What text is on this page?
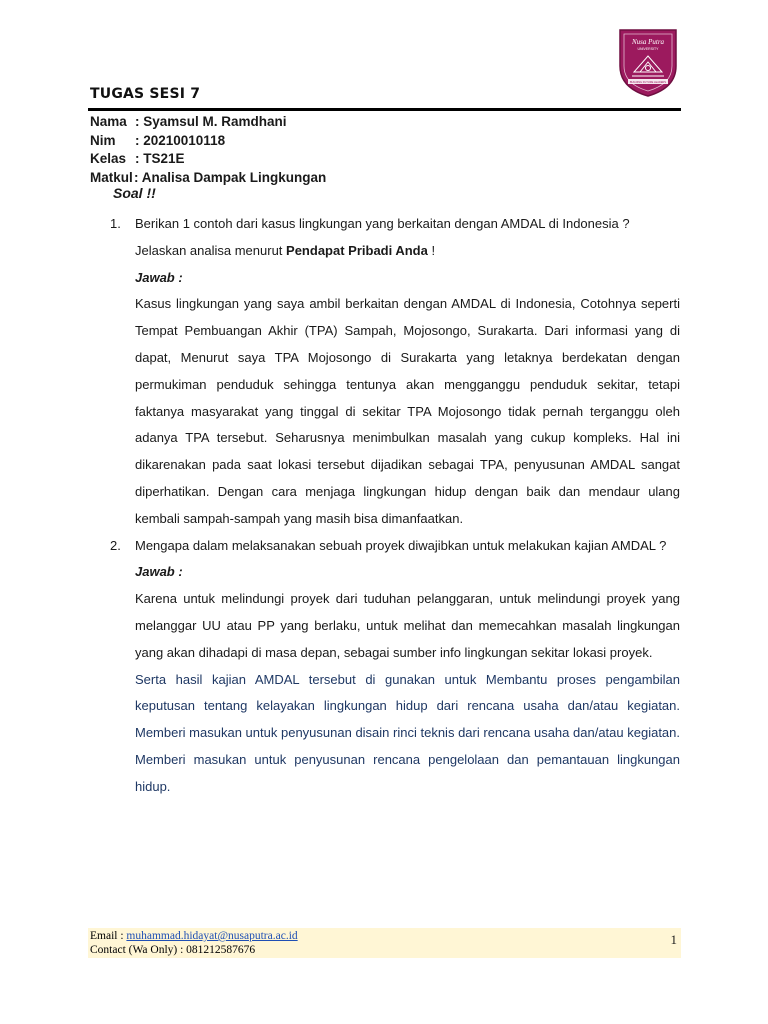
Nusa Putra
UNIVERSITY
BUILDING FUTURE LEADERS
TUGAS SESI 7
Nama : Syamsul M. Ramdhani
Nim	: 20210010118
Kelas : TS21E
Matkul : Analisa Dampak Lingkungan
Soal !!
1. Berikan 1 contoh dari kasus lingkungan yang berkaitan dengan AMDAL di Indonesia ? Jelaskan analisa menurut Pendapat Pribadi Anda !
Jawab :
Kasus lingkungan yang saya ambil berkaitan dengan AMDAL di Indonesia, Cotohnya seperti Tempat Pembuangan Akhir (TPA) Sampah, Mojosongo, Surakarta. Dari informasi yang di dapat, Menurut saya TPA Mojosongo di Surakarta yang letaknya berdekatan dengan permukiman penduduk sehingga tentunya akan mengganggu penduduk sekitar, tetapi faktanya masyarakat yang tinggal di sekitar TPA Mojosongo tidak pernah terganggu oleh adanya TPA tersebut. Seharusnya menimbulkan masalah yang cukup kompleks. Hal ini dikarenakan pada saat lokasi tersebut dijadikan sebagai TPA, penyusunan AMDAL sangat diperhatikan. Dengan cara menjaga lingkungan hidup dengan baik dan mendaur ulang kembali sampah-sampah yang masih bisa dimanfaatkan.
2. Mengapa dalam melaksanakan sebuah proyek diwajibkan untuk melakukan kajian AMDAL ?
Jawab :
Karena untuk melindungi proyek dari tuduhan pelanggaran, untuk melindungi proyek yang melanggar UU atau PP yang berlaku, untuk melihat dan memecahkan masalah lingkungan yang akan dihadapi di masa depan, sebagai sumber info lingkungan sekitar lokasi proyek.
Serta hasil kajian AMDAL tersebut di gunakan untuk Membantu proses pengambilan keputusan tentang kelayakan lingkungan hidup dari rencana usaha dan/atau kegiatan. Memberi masukan untuk penyusunan disain rinci teknis dari rencana usaha dan/atau kegiatan. Memberi masukan untuk penyusunan rencana pengelolaan dan pemantauan lingkungan hidup.
Email : muhammad.hidayat@nusaputra.ac.id
Contact (Wa Only) : 081212587676
1
